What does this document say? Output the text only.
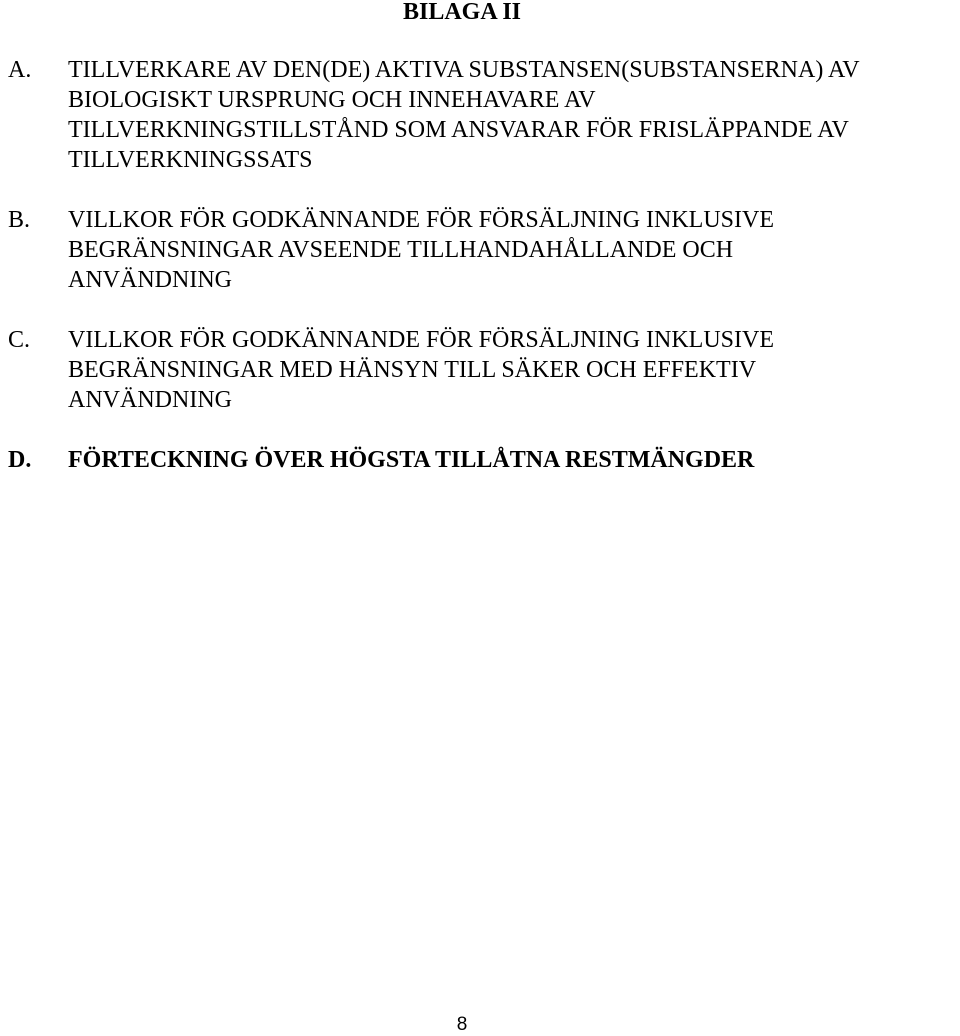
BILAGA II
A. TILLVERKARE AV DEN(DE) AKTIVA SUBSTANSEN(SUBSTANSERNA) AV
BIOLOGISKT URSPRUNG OCH INNEHAVARE AV
TILLVERKNINGSTILLSTÅND SOM ANSVARAR FÖR FRISLÄPPANDE AV
TILLVERKNINGSSATS
B. VILLKOR FÖR GODKÄNNANDE FÖR FÖRSÄLJNING INKLUSIVE
BEGRÄNSNINGAR AVSEENDE TILLHANDAHÅLLANDE OCH
ANVÄNDNING
C. VILLKOR FÖR GODKÄNNANDE FÖR FÖRSÄLJNING INKLUSIVE
BEGRÄNSNINGAR MED HÄNSYN TILL SÄKER OCH EFFEKTIV
ANVÄNDNING
D. FÖRTECKNING ÖVER HÖGSTA TILLÅTNA RESTMÄNGDER
8
